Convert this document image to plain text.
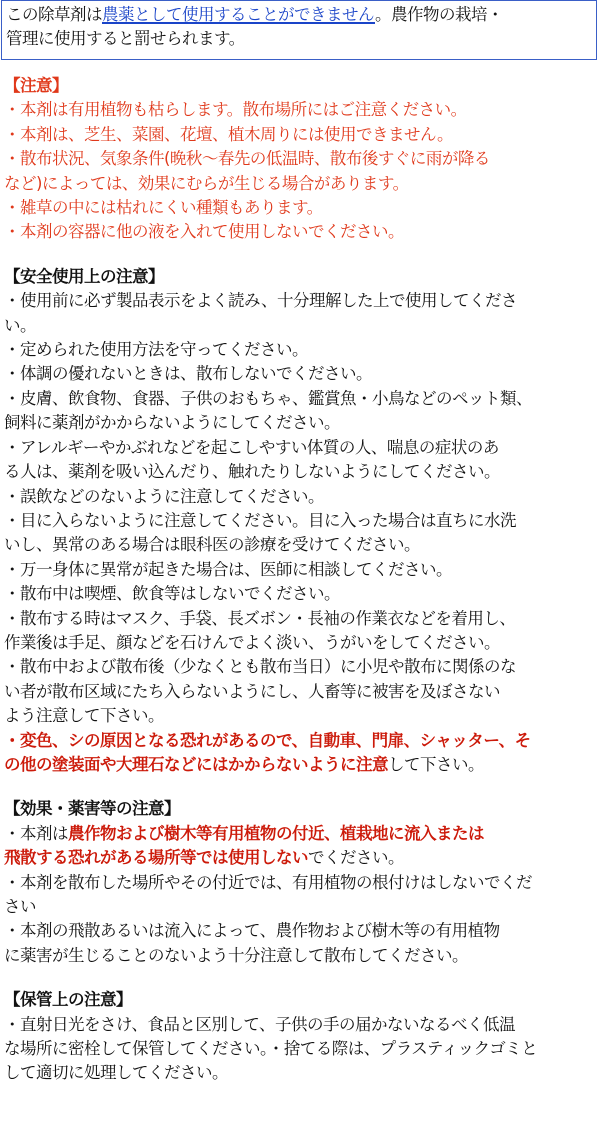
この除草剤は農薬として使用することができません。農作物の栽培・
管理に使用すると罰せられます。
【注意】
・本剤は有用植物も枯らします。散布場所にはご注意ください。
・本剤は、芝生、菜園、花壇、植木周りには使用できません。
・散布状況、気象条件(晩秋～春先の低温時、散布後すぐに雨が降る
など)によっては、効果にむらが生じる場合があります。
・雑草の中には枯れにくい種類もあります。
・本剤の容器に他の液を入れて使用しないでください。
【安全使用上の注意】
・使用前に必ず製品表示をよく読み、十分理解した上で使用してくださ
い。
・定められた使用方法を守ってください。
・体調の優れないときは、散布しないでください。
・皮膚、飲食物、食器、子供のおもちゃ、鑑賞魚・小鳥などのペット類、
飼料に薬剤がかからないようにしてください。
・アレルギーやかぶれなどを起こしやすい体質の人、喘息の症状のあ
る人は、薬剤を吸い込んだり、触れたりしないようにしてください。
・誤飲などのないように注意してください。
・目に入らないように注意してください。目に入った場合は直ちに水洗
いし、異常のある場合は眼科医の診療を受けてください。
・万一身体に異常が起きた場合は、医師に相談してください。
・散布中は喫煙、飲食等はしないでください。
・散布する時はマスク、手袋、長ズボン・長袖の作業衣などを着用し、
作業後は手足、顔などを石けんでよく淡い、うがいをしてください。
・散布中および散布後（少なくとも散布当日）に小児や散布に関係のな
い者が散布区域にたち入らないようにし、人畜等に被害を及ぼさない
よう注意して下さい。
・変色、シの原因となる恐れがあるので、自動車、門扉、シャッター、そ
の他の塗装面や大理石などにはかからないように注意して下さい。
【効果・薬害等の注意】
・本剤は農作物および樹木等有用植物の付近、植栽地に流入または
飛散する恐れがある場所等では使用しないでください。
・本剤を散布した場所やその付近では、有用植物の根付けはしないでくだ
さい
・本剤の飛散あるいは流入によって、農作物および樹木等の有用植物
に薬害が生じることのないよう十分注意して散布してください。
【保管上の注意】
・直射日光をさけ、食品と区別して、子供の手の届かないなるべく低温
な場所に密栓して保管してください。・捨てる際は、プラスティックゴミと
して適切に処理してください。
